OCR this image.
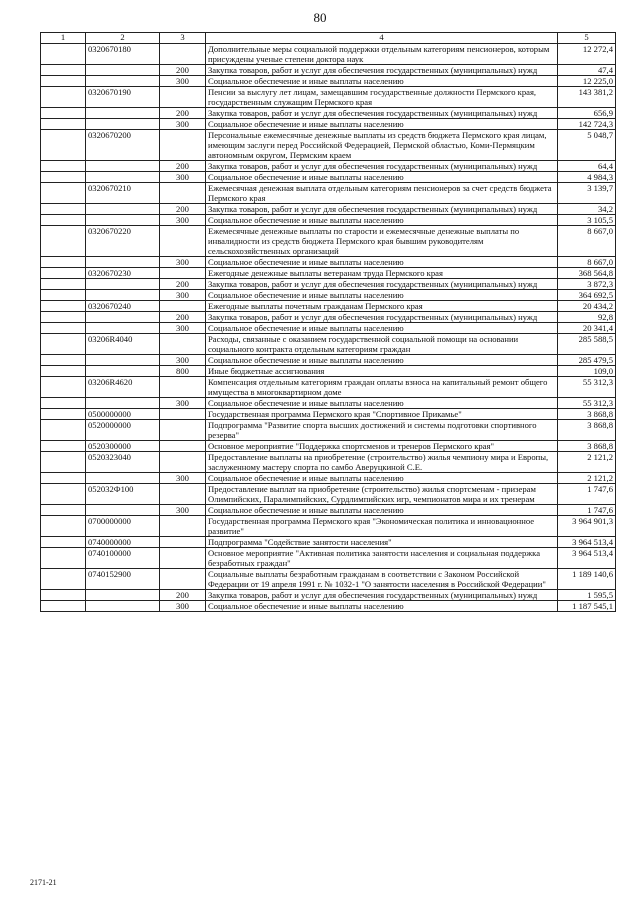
80
1	2	3	4	5
	0320670180		Дополнительные меры социальной поддержки отдельным категориям пенсионеров, которым присуждены ученые степени доктора наук	12 272,4
		200	Закупка товаров, работ и услуг для обеспечения государственных (муниципальных) нужд	47,4
		300	Социальное обеспечение и иные выплаты населению	12 225,0
	0320670190		Пенсии за выслугу лет лицам, замещавшим государственные должности Пермского края, государственным служащим Пермского края	143 381,2
		200	Закупка товаров, работ и услуг для обеспечения государственных (муниципальных) нужд	656,9
		300	Социальное обеспечение и иные выплаты населению	142 724,3
	0320670200		Персональные ежемесячные денежные выплаты из средств бюджета Пермского края лицам, имеющим заслуги перед Российской Федерацией, Пермской областью, Коми-Пермяцким автономным округом, Пермским краем	5 048,7
		200	Закупка товаров, работ и услуг для обеспечения государственных (муниципальных) нужд	64,4
		300	Социальное обеспечение и иные выплаты населению	4 984,3
	0320670210		Ежемесячная денежная выплата отдельным категориям пенсионеров за счет средств бюджета Пермского края	3 139,7
		200	Закупка товаров, работ и услуг для обеспечения государственных (муниципальных) нужд	34,2
		300	Социальное обеспечение и иные выплаты населению	3 105,5
	0320670220		Ежемесячные денежные выплаты по старости и ежемесячные денежные выплаты по инвалидности из средств бюджета Пермского края бывшим руководителям сельскохозяйственных организаций	8 667,0
		300	Социальное обеспечение и иные выплаты населению	8 667,0
	0320670230		Ежегодные денежные выплаты ветеранам труда Пермского края	368 564,8
		200	Закупка товаров, работ и услуг для обеспечения государственных (муниципальных) нужд	3 872,3
		300	Социальное обеспечение и иные выплаты населению	364 692,5
	0320670240		Ежегодные выплаты почетным гражданам Пермского края	20 434,2
		200	Закупка товаров, работ и услуг для обеспечения государственных (муниципальных) нужд	92,8
		300	Социальное обеспечение и иные выплаты населению	20 341,4
	03206R4040		Расходы, связанные с оказанием государственной социальной помощи на основании социального контракта отдельным категориям граждан	285 588,5
		300	Социальное обеспечение и иные выплаты населению	285 479,5
		800	Иные бюджетные ассигнования	109,0
	03206R4620		Компенсация отдельным категориям граждан оплаты взноса на капитальный ремонт общего имущества в многоквартирном доме	55 312,3
		300	Социальное обеспечение и иные выплаты населению	55 312,3
	0500000000		Государственная программа Пермского края "Спортивное Прикамье"	3 868,8
	0520000000		Подпрограмма "Развитие спорта высших достижений и системы подготовки спортивного резерва"	3 868,8
	0520300000		Основное мероприятие "Поддержка спортсменов и тренеров Пермского края"	3 868,8
	0520323040		Предоставление выплаты на приобретение (строительство) жилья чемпиону мира и Европы, заслуженному мастеру спорта по самбо Аверуцкиной С.Е.	2 121,2
		300	Социальное обеспечение и иные выплаты населению	2 121,2
	052032Ф100		Предоставление выплат на приобретение (строительство) жилья спортсменам - призерам Олимпийских, Паралимпийских, Сурдлимпийских игр, чемпионатов мира и их тренерам	1 747,6
		300	Социальное обеспечение и иные выплаты населению	1 747,6
	0700000000		Государственная программа Пермского края "Экономическая политика и инновационное развитие"	3 964 901,3
	0740000000		Подпрограмма "Содействие занятости населения"	3 964 513,4
	0740100000		Основное мероприятие "Активная политика занятости населения и социальная поддержка безработных граждан"	3 964 513,4
	0740152900		Социальные выплаты безработным гражданам в соответствии с Законом Российской Федерации от 19 апреля 1991 г. № 1032-1 "О занятости населения в Российской Федерации"	1 189 140,6
		200	Закупка товаров, работ и услуг для обеспечения государственных (муниципальных) нужд	1 595,5
		300	Социальное обеспечение и иные выплаты населению	1 187 545,1
2171-21
